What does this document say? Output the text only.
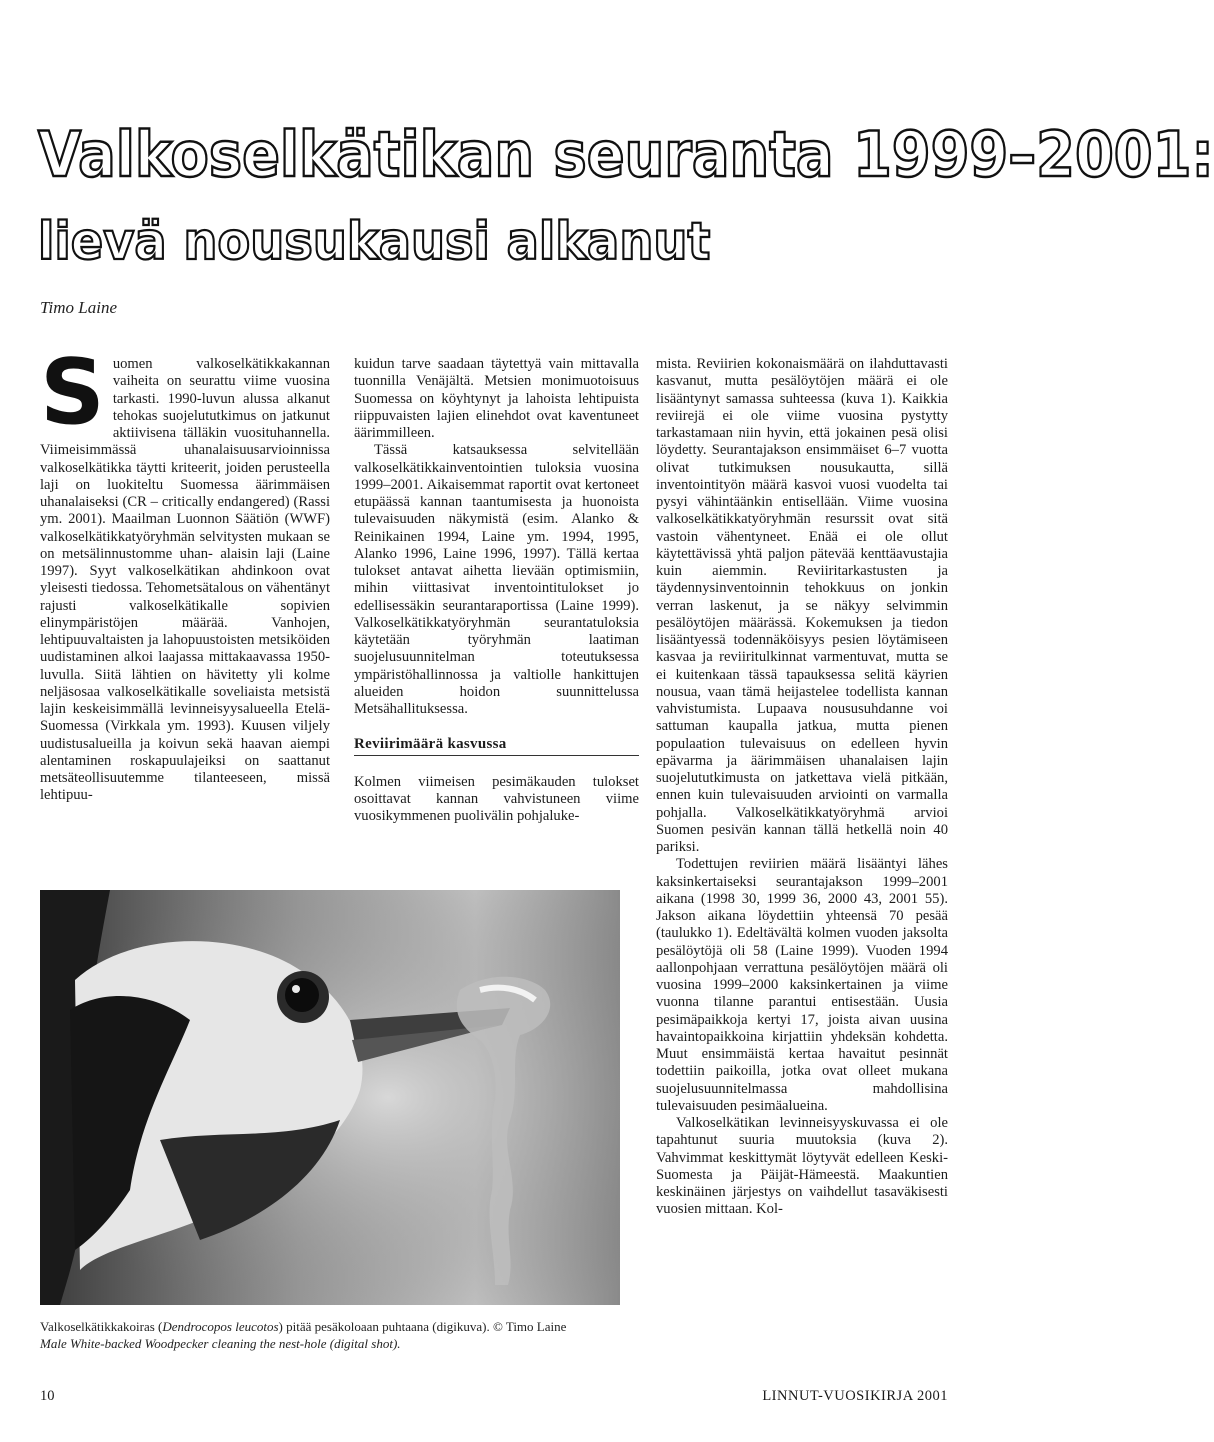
Valkoselkätikan seuranta 1999–2001:
lievä nousukausi alkanut
Timo Laine
S uomen valkoselkätikkakannan vaiheita on seurattu viime vuosina tarkasti. 1990-luvun alussa alkanut tehokas suojelututkimus on jatkunut aktiivisena tälläkin vuosituhannella. Viimeisimmässä uhanalaisuusarvioinnissa valkoselkätikka täytti kriteerit, joiden perusteella laji on luokiteltu Suomessa äärimmäisen uhanalaiseksi (CR – critically endangered) (Rassi ym. 2001). Maailman Luonnon Säätiön (WWF) valkoselkätikkatyöryhmän selvitysten mukaan se on metsälinnustomme uhan- alaisin laji (Laine 1997). Syyt valkoselkätikan ahdinkoon ovat yleisesti tiedossa. Tehometsätalous on vähentänyt rajusti valkoselkätikalle sopivien elinympäristöjen määrää. Vanhojen, lehtipuuvaltaisten ja lahopuustoisten metsiköiden uudistaminen alkoi laajassa mittakaavassa 1950- luvulla. Siitä lähtien on hävitetty yli kolme neljäsosaa valkoselkätikalle soveliaista metsistä lajin keskeisimmällä levinneisyysalueella Etelä-Suomessa (Virkkala ym. 1993). Kuusen viljely uudistusalueilla ja koivun sekä haavan aiempi alentaminen roskapuulajeiksi on saattanut metsäteollisuutemme tilanteeseen, missä lehtipuu-

kuidun tarve saadaan täytettyä vain mittavalla tuonnilla Venäjältä. Metsien monimuotoisuus Suomessa on köyhtynyt ja lahoista lehtipuista riippuvaisten lajien elinehdot ovat kaventuneet äärimmilleen.

Tässä katsauksessa selvitellään valkoselkätikkainventointien tuloksia vuosina 1999–2001. Aikaisemmat raportit ovat kertoneet etupäässä kannan taantumisesta ja huonoista tulevaisuuden näkymistä (esim. Alanko & Reinikainen 1994, Laine ym. 1994, 1995, Alanko 1996, Laine 1996, 1997). Tällä kertaa tulokset antavat aihetta lievään optimismiin, mihin viittasivat inventointitulokset jo edellisessäkin seurantaraportissa (Laine 1999). Valkoselkätikkatyöryhmän seurantatuloksia käytetään työryhmän laatiman suojelusuunnitelman toteutuksessa ympäristöhallinnossa ja valtiolle hankittujen alueiden hoidon suunnittelussa Metsähallituksessa.

Reviirimäärä kasvussa

Kolmen viimeisen pesimäkauden tulokset osoittavat kannan vahvistuneen viime vuosikymmenen puolivälin pohjaluke-

mista. Reviirien kokonaismäärä on ilahduttavasti kasvanut, mutta pesälöytöjen määrä ei ole lisääntynyt samassa suhteessa (kuva 1). Kaikkia reviirejä ei ole viime vuosina pystytty tarkastamaan niin hyvin, että jokainen pesä olisi löydetty. Seurantajakson ensimmäiset 6–7 vuotta olivat tutkimuksen nousukautta, sillä inventointityön määrä kasvoi vuosi vuodelta tai pysyi vähintäänkin entisellään. Viime vuosina valkoselkätikkatyöryhmän resurssit ovat sitä vastoin vähentyneet. Enää ei ole ollut käytettävissä yhtä paljon pätevää kenttäavustajia kuin aiemmin. Reviiritarkastusten ja täydennysinventoinnin tehokkuus on jonkin verran laskenut, ja se näkyy selvimmin pesälöytöjen määrässä. Kokemuksen ja tiedon lisääntyessä todennäköisyys pesien löytämiseen kasvaa ja reviiritulkinnat varmentuvat, mutta se ei kuitenkaan tässä tapauksessa selitä käyrien nousua, vaan tämä heijastelee todellista kannan vahvistumista. Lupaava noususuhdanne voi sattuman kaupalla jatkua, mutta pienen populaation tulevaisuus on edelleen hyvin epävarma ja äärimmäisen uhanalaisen lajin suojelututkimusta on jatkettava vielä pitkään, ennen kuin tulevaisuuden arviointi on varmalla pohjalla. Valkoselkätikkatyöryhmä arvioi Suomen pesivän kannan tällä hetkellä noin 40 pariksi.

Todettujen reviirien määrä lisääntyi lähes kaksinkertaiseksi seurantajakson 1999–2001 aikana (1998 30, 1999 36, 2000 43, 2001 55). Jakson aikana löydettiin yhteensä 70 pesää (taulukko 1). Edeltävältä kolmen vuoden jaksolta pesälöytöjä oli 58 (Laine 1999). Vuoden 1994 aallonpohjaan verrattuna pesälöytöjen määrä oli vuosina 1999–2000 kaksinkertainen ja viime vuonna tilanne parantui entisestään. Uusia pesimäpaikkoja kertyi 17, joista aivan uusina havaintopaikkoina kirjattiin yhdeksän kohdetta. Muut ensimmäistä kertaa havaitut pesinnät todettiin paikoilla, jotka ovat olleet mukana suojelusuunnitelmassa mahdollisina tulevaisuuden pesimäalueina.

Valkoselkätikan levinneisyyskuvassa ei ole tapahtunut suuria muutoksia (kuva 2). Vahvimmat keskittymät löytyvät edelleen Keski-Suomesta ja Päijät-Hämeestä. Maakuntien keskinäinen järjestys on vaihdellut tasaväkisesti vuosien mittaan. Kol-

Valkoselkätikkakoiras (Dendrocopos leucotos) pitää pesäkoloaan puhtaana (digikuva). © Timo Laine
Male White-backed Woodpecker cleaning the nest-hole (digital shot).
10	LINNUT-VUOSIKIRJA 2001
